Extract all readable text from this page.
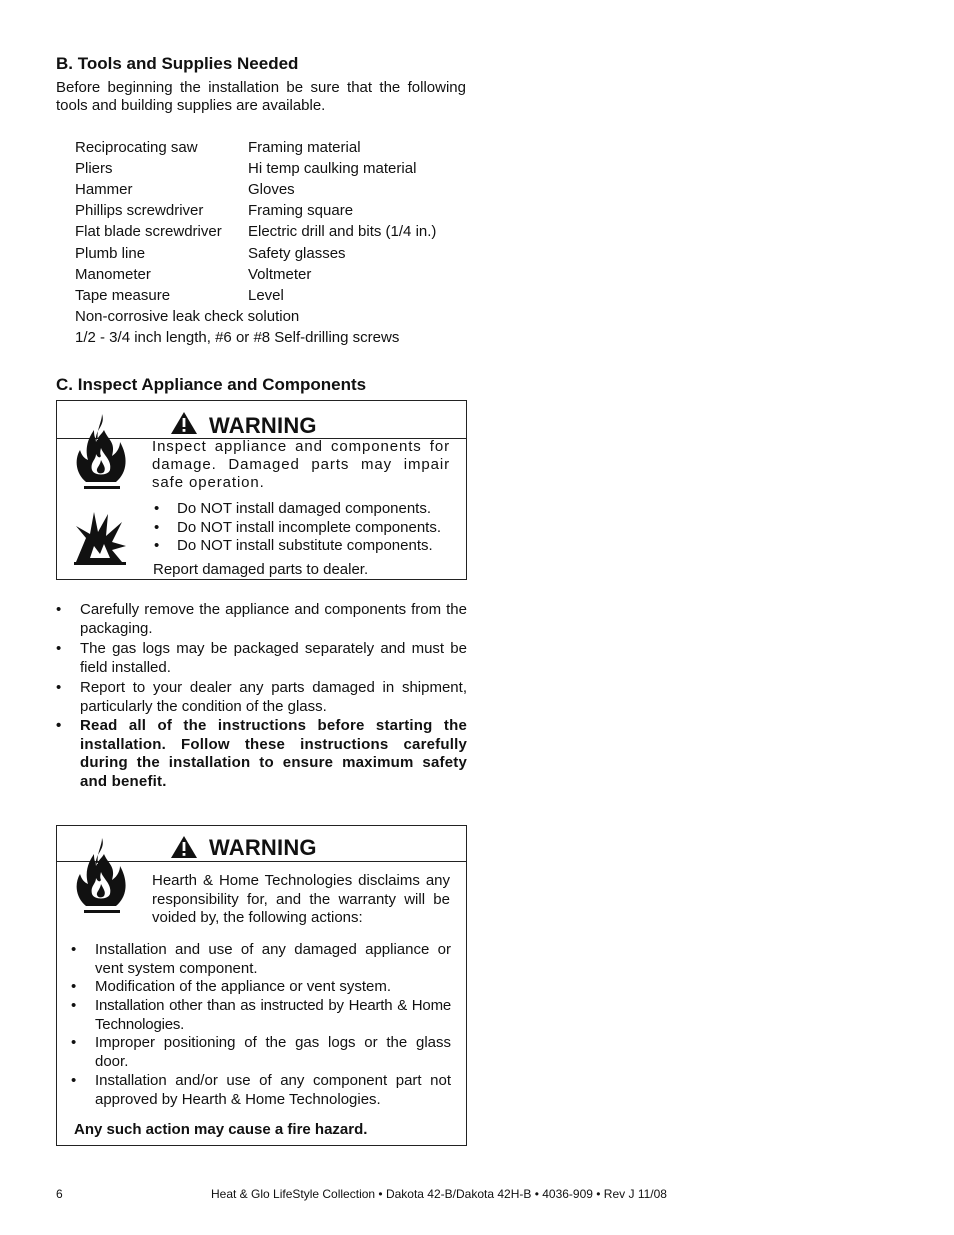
B. Tools and Supplies Needed
Before beginning the installation be sure that the following tools and building supplies are available.
Reciprocating saw
Pliers
Hammer
Phillips screwdriver
Flat blade screwdriver
Plumb line
Manometer
Tape measure
Framing material
Hi temp caulking material
Gloves
Framing square
Electric drill and bits (1/4 in.)
Safety glasses
Voltmeter
Level
Non-corrosive leak check solution
1/2 - 3/4 inch length, #6 or #8 Self-drilling screws
C. Inspect Appliance and Components
WARNING
Inspect appliance and components for damage. Damaged parts may impair safe operation.
• Do NOT install damaged components.
• Do NOT install incomplete components.
• Do NOT install substitute components.
Report damaged parts to dealer.
• Carefully remove the appliance and components from the packaging.
• The gas logs may be packaged separately and must be field installed.
• Report to your dealer any parts damaged in shipment, particularly the condition of the glass.
• Read all of the instructions before starting the installation. Follow these instructions carefully during the installation to ensure maximum safety and benefit.
WARNING
Hearth & Home Technologies disclaims any responsibility for, and the warranty will be voided by, the following actions:
• Installation and use of any damaged appliance or vent system component.
• Modification of the appliance or vent system.
• Installation other than as instructed by Hearth & Home Technologies.
• Improper positioning of the gas logs or the glass door.
• Installation and/or use of any component part not approved by Hearth & Home Technologies.
Any such action may cause a fire hazard.
6	Heat & Glo LifeStyle Collection • Dakota 42-B/Dakota 42H-B • 4036-909 • Rev J 11/08
